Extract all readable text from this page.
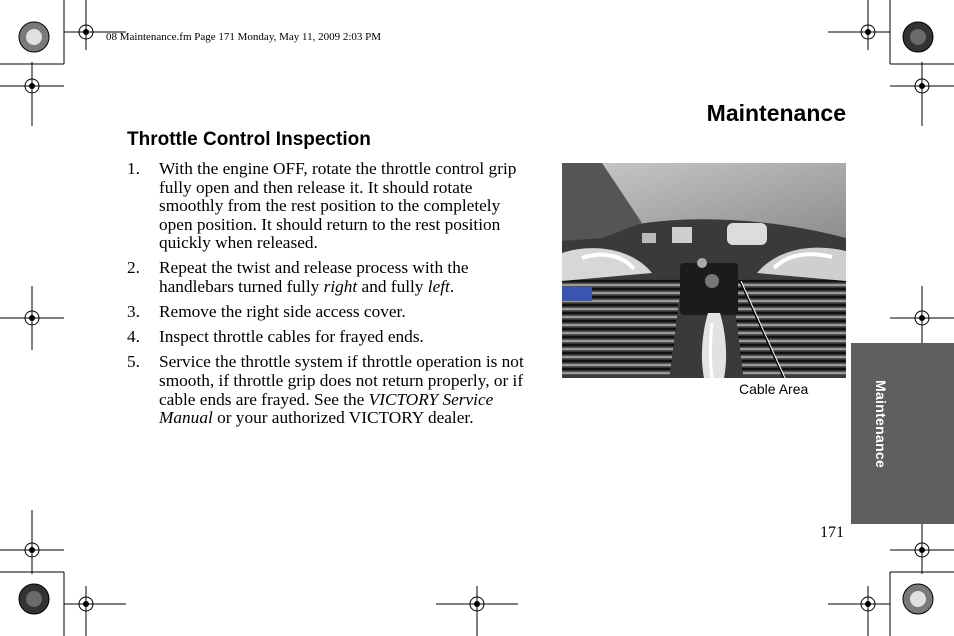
08 Maintenance.fm Page 171 Monday, May 11, 2009 2:03 PM
Maintenance
Throttle Control Inspection
1. With the engine OFF, rotate the throttle control grip fully open and then release it. It should rotate smoothly from the rest position to the completely open position. It should return to the rest position quickly when released.
2. Repeat the twist and release process with the handlebars turned fully right and fully left.
3. Remove the right side access cover.
4. Inspect throttle cables for frayed ends.
5. Service the throttle system if throttle operation is not smooth, if throttle grip does not return properly, or if cable ends are frayed. See the VICTORY Service Manual or your authorized VICTORY dealer.
Cable Area	Maintenance
171
